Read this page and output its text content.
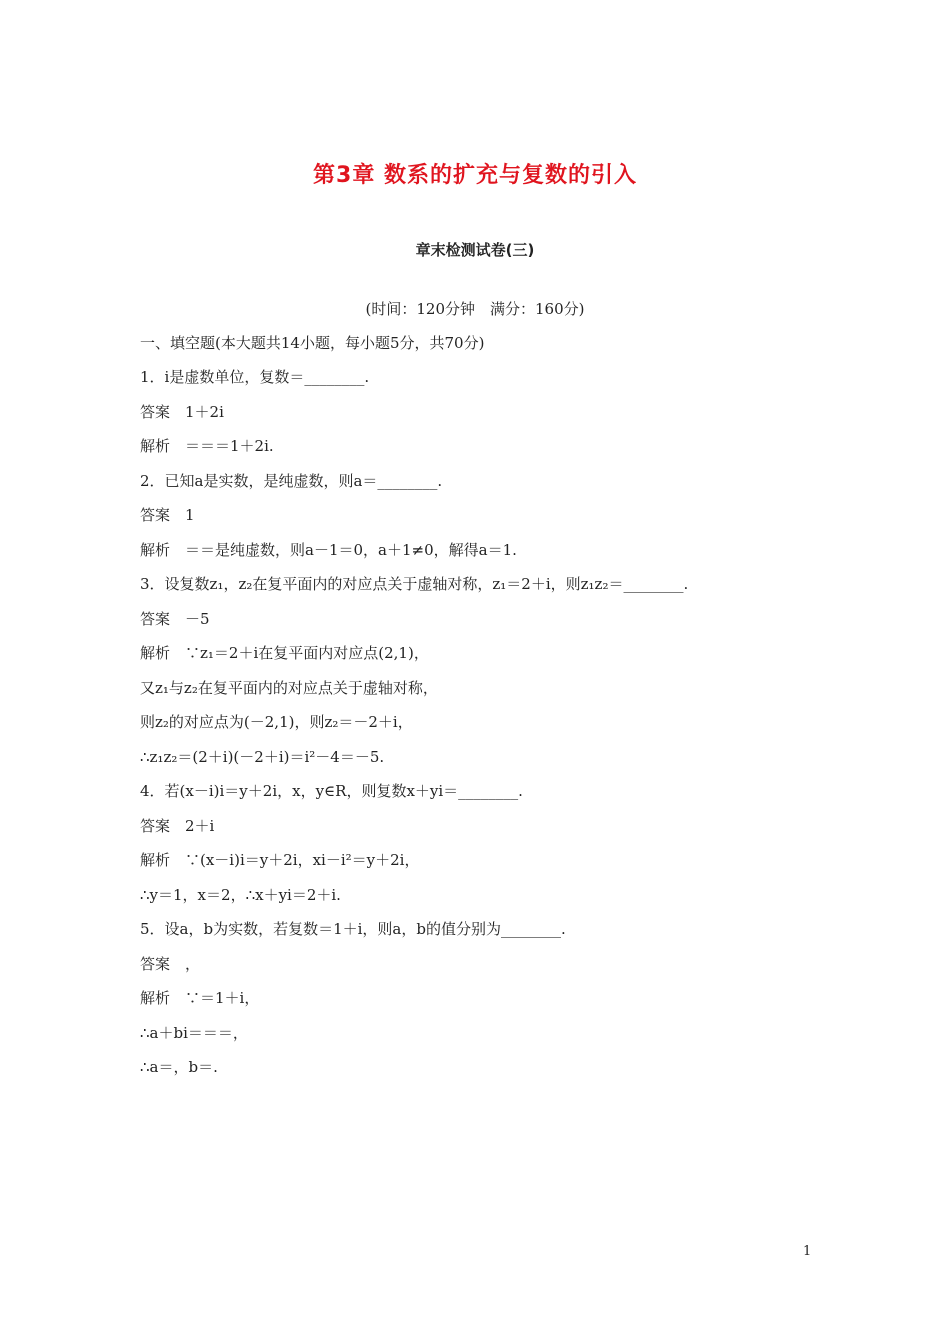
第3章 数系的扩充与复数的引入
章末检测试卷(三)
(时间：120分钟　满分：160分)
一、填空题(本大题共14小题，每小题5分，共70分)
1．i是虚数单位，复数＝________.
答案　1＋2i
解析　＝＝＝1＋2i.
2．已知a是实数，是纯虚数，则a＝________.
答案　1
解析　＝＝是纯虚数，则a－1＝0，a＋1≠0，解得a＝1.
3．设复数z₁，z₂在复平面内的对应点关于虚轴对称，z₁＝2＋i，则z₁z₂＝________.
答案　－5
解析　∵z₁＝2＋i在复平面内对应点(2,1)，
又z₁与z₂在复平面内的对应点关于虚轴对称，
则z₂的对应点为(－2,1)，则z₂＝－2＋i，
∴z₁z₂＝(2＋i)(－2＋i)＝i²－4＝－5.
4．若(x－i)i＝y＋2i，x，y∈R，则复数x＋yi＝________.
答案　2＋i
解析　∵(x－i)i＝y＋2i，xi－i²＝y＋2i，
∴y＝1，x＝2，∴x＋yi＝2＋i.
5．设a，b为实数，若复数＝1＋i，则a，b的值分别为________.
答案　，
解析　∵＝1＋i，
∴a＋bi＝＝＝，
∴a＝，b＝.
1
